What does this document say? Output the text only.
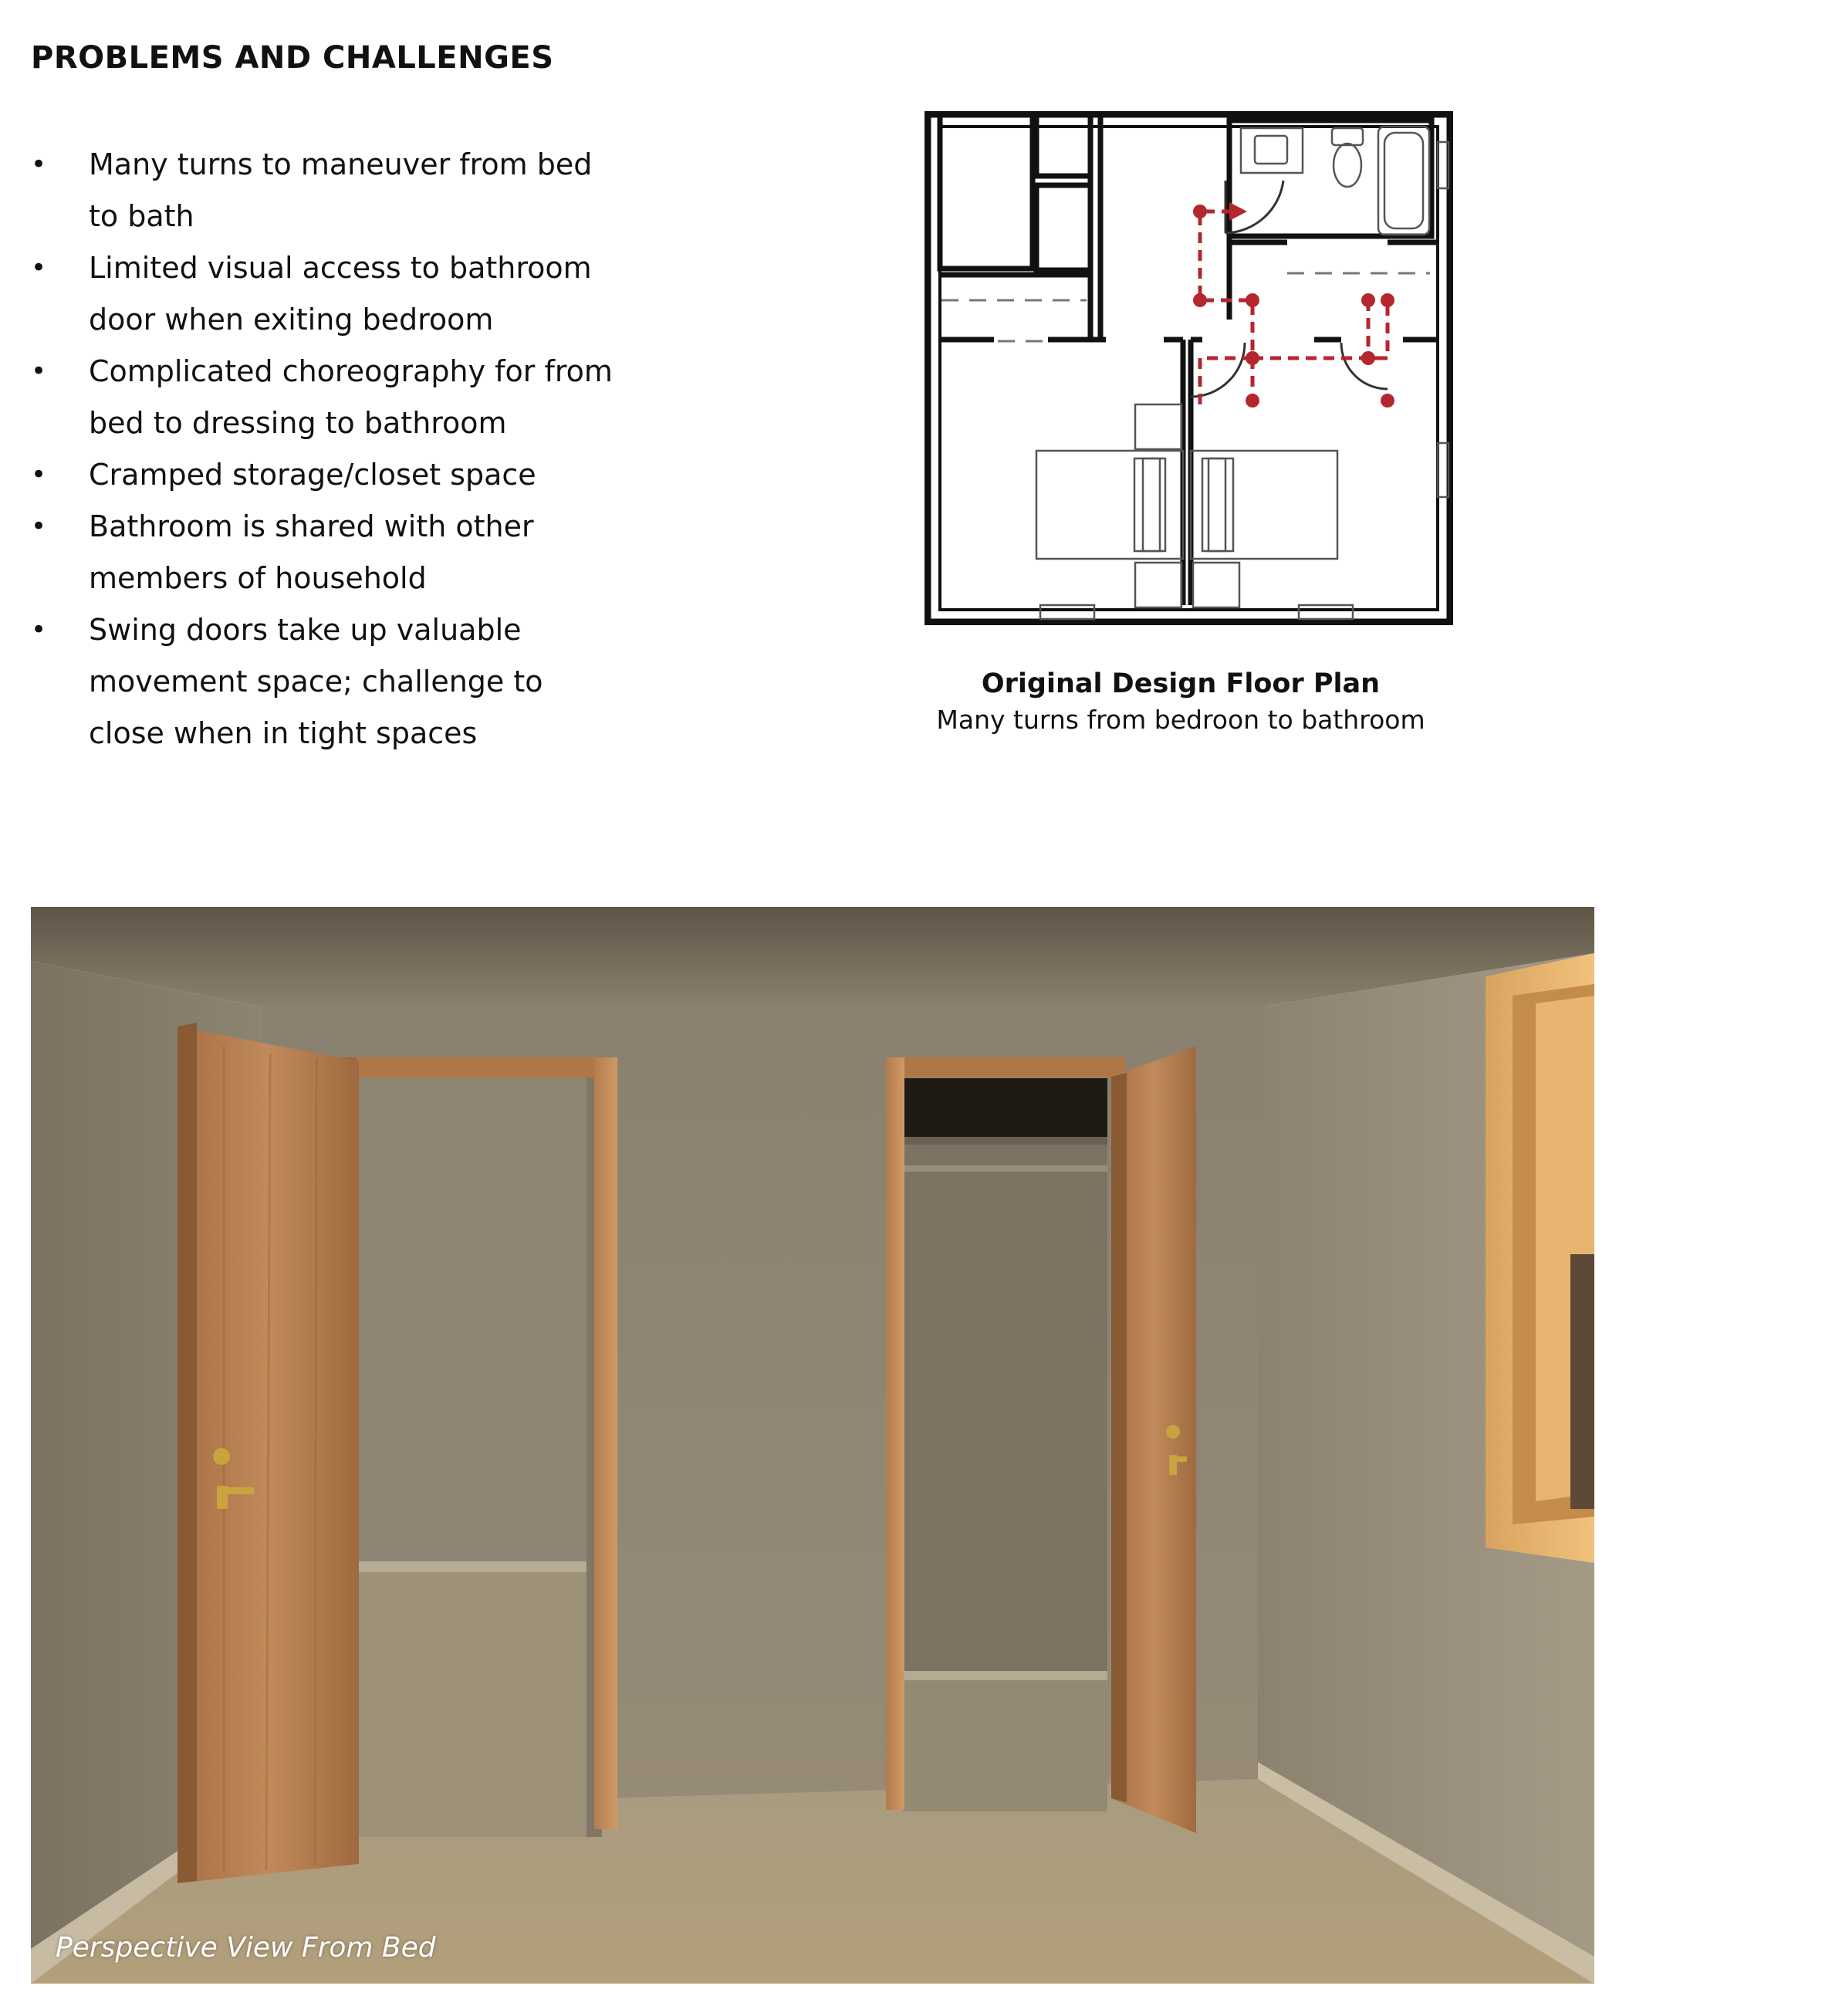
PROBLEMS AND CHALLENGES
• Many turns to maneuver from bed to bath
• Limited visual access to bathroom door when exiting bedroom
• Complicated choreography for from bed to dressing to bathroom
• Cramped storage/closet space
• Bathroom is shared with other members of household
• Swing doors take up valuable movement space; challenge to close when in tight spaces
Original Design Floor Plan
Many turns from bedroon to bathroom
Perspective View From Bed
